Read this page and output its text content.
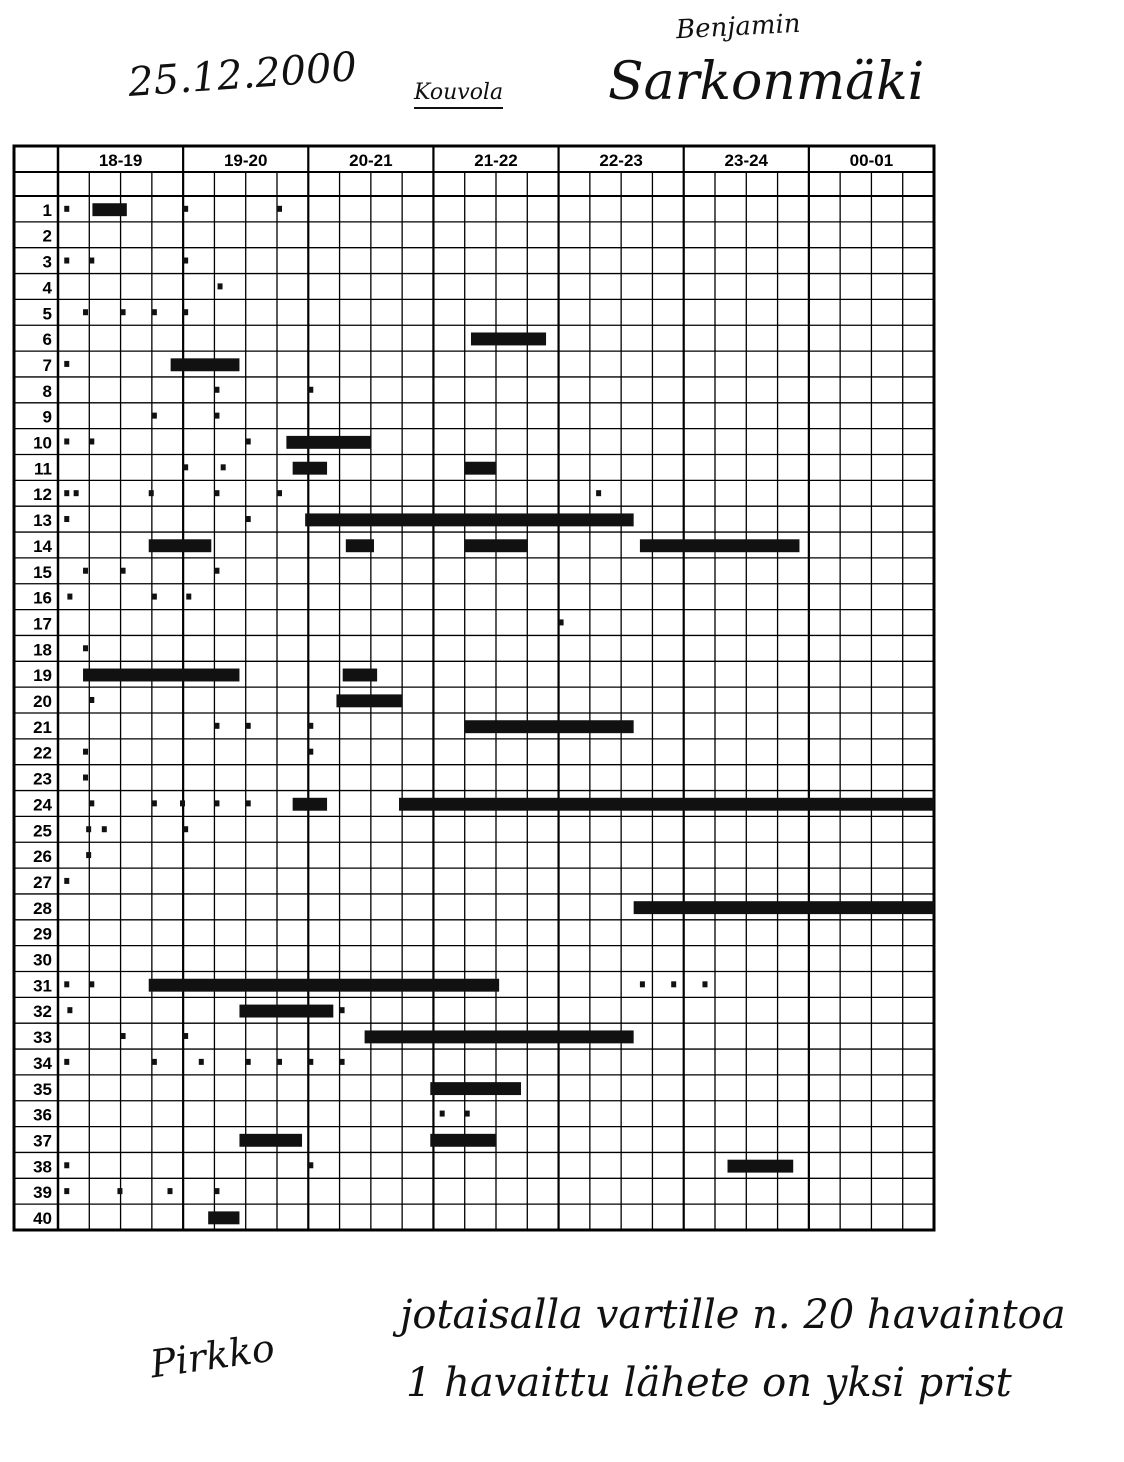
18-19	19-20	20-21	21-22	22-23	23-24	00-01
1
2
3
4
5
6
7
8
9
10
11
12
13
14
15
16
17
18
19
20
21
22
23
24
25
26
27
28
29
30
31
32
33
34
35
36
37
38
39
40
25.12.2000	Kouvola
Benjamin
Sarkonmäki
jotaisalla vartille n. 20 havaintoa
1 havaittu lähete on yksi prist
Pirkko
